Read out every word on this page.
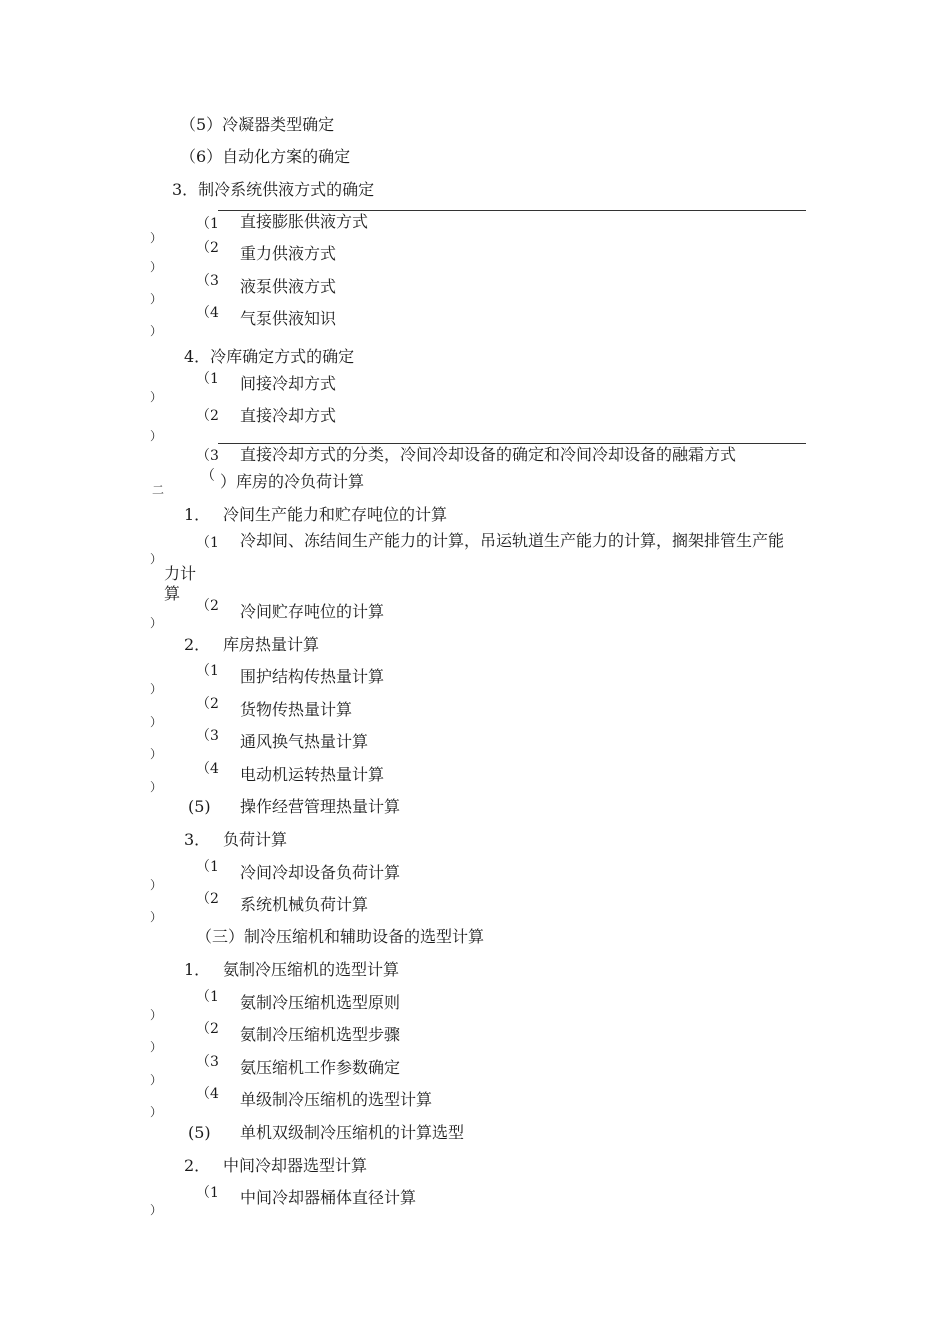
（5）冷凝器类型确定
（6）自动化方案的确定
3．制冷系统供液方式的确定
（1 直接膨胀供液方式
）
（2 重力供液方式
）
（3 液泵供液方式
）
（4 气泵供液知识
）
4．冷库确定方式的确定
（1 间接冷却方式
）
（2 直接冷却方式
）
（3 直接冷却方式的分类，冷间冷却设备的确定和冷间冷却设备的融霜方式
（ ）库房的冷负荷计算
二
1． 冷间生产能力和贮存吨位的计算
（1 冷却间、冻结间生产能力的计算，吊运轨道生产能力的计算，搁架排管生产能
）
力计算
（2 冷间贮存吨位的计算
）
2． 库房热量计算
（1 围护结构传热量计算
）
（2 货物传热量计算
）
（3 通风换气热量计算
）
（4 电动机运转热量计算
）
(5) 操作经营管理热量计算
3． 负荷计算
（1 冷间冷却设备负荷计算
）
（2 系统机械负荷计算
）
（三）制冷压缩机和辅助设备的选型计算
1． 氨制冷压缩机的选型计算
（1 氨制冷压缩机选型原则
）
（2 氨制冷压缩机选型步骤
）
（3 氨压缩机工作参数确定
）
（4 单级制冷压缩机的选型计算
）
(5) 单机双级制冷压缩机的计算选型
2． 中间冷却器选型计算
（1 中间冷却器桶体直径计算
）
